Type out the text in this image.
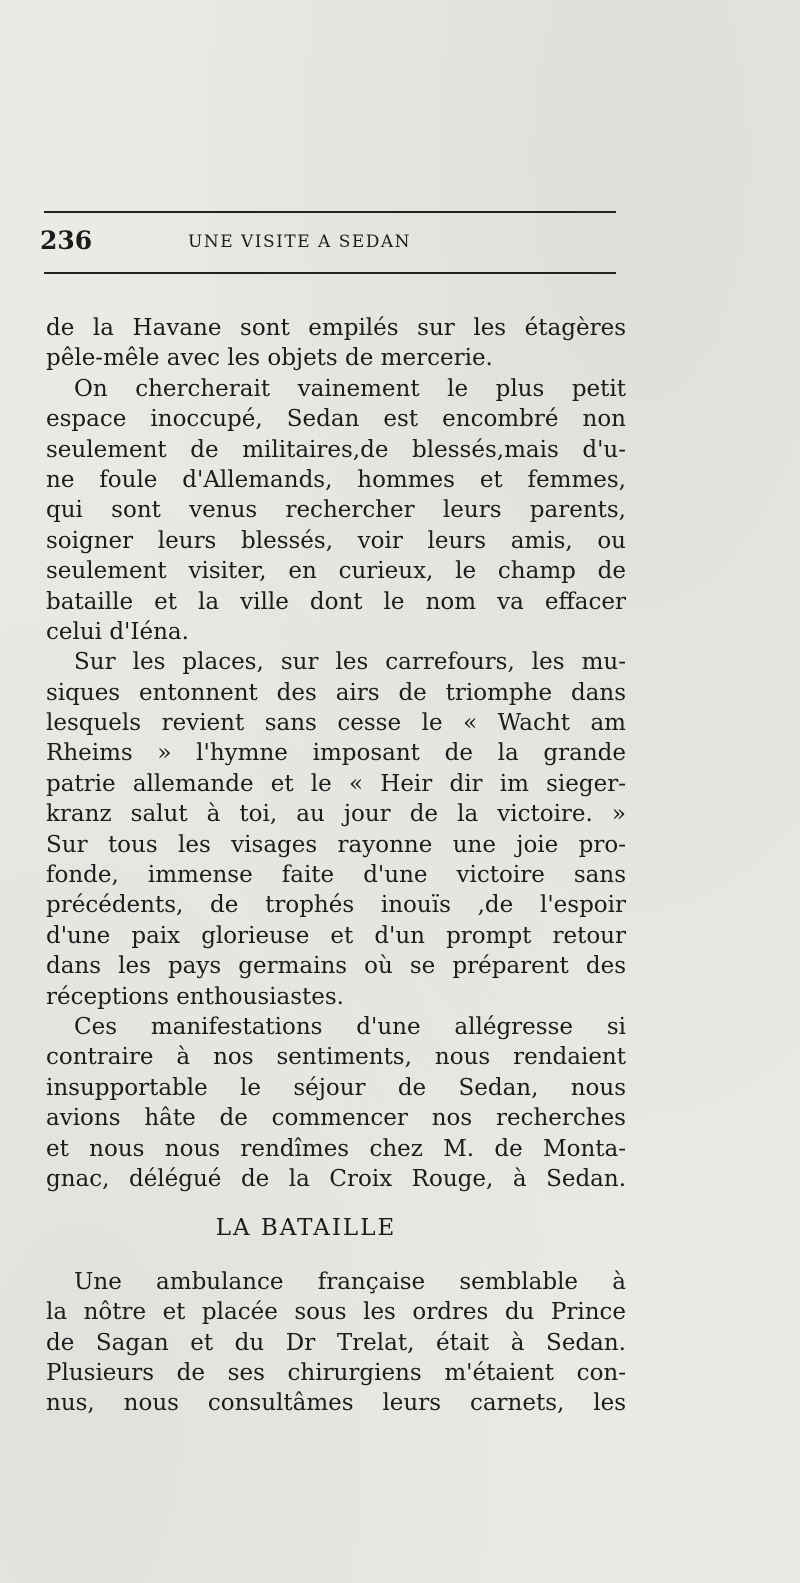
236	UNE VISITE A SEDAN
de la Havane sont empilés sur les étagères
pêle-mêle avec les objets de mercerie.
On chercherait vainement le plus petit
espace inoccupé, Sedan est encombré non
seulement de militaires,de blessés,mais d'u-
ne foule d'Allemands, hommes et femmes,
qui sont venus rechercher leurs parents,
soigner leurs blessés, voir leurs amis, ou
seulement visiter, en curieux, le champ de
bataille et la ville dont le nom va effacer
celui d'Iéna.
Sur les places, sur les carrefours, les mu-
siques entonnent des airs de triomphe dans
lesquels revient sans cesse le « Wacht am
Rheims » l'hymne imposant de la grande
patrie allemande et le « Heir dir im sieger-
kranz salut à toi, au jour de la victoire. »
Sur tous les visages rayonne une joie pro-
fonde, immense faite d'une victoire sans
précédents, de trophés inouïs ,de l'espoir
d'une paix glorieuse et d'un prompt retour
dans les pays germains où se préparent des
réceptions enthousiastes.
Ces manifestations d'une allégresse si
contraire à nos sentiments, nous rendaient
insupportable le séjour de Sedan, nous
avions hâte de commencer nos recherches
et nous nous rendîmes chez M. de Monta-
gnac, délégué de la Croix Rouge, à Sedan.
LA BATAILLE
Une ambulance française semblable à
la nôtre et placée sous les ordres du Prince
de Sagan et du Dr Trelat, était à Sedan.
Plusieurs de ses chirurgiens m'étaient con-
nus, nous consultâmes leurs carnets, les
